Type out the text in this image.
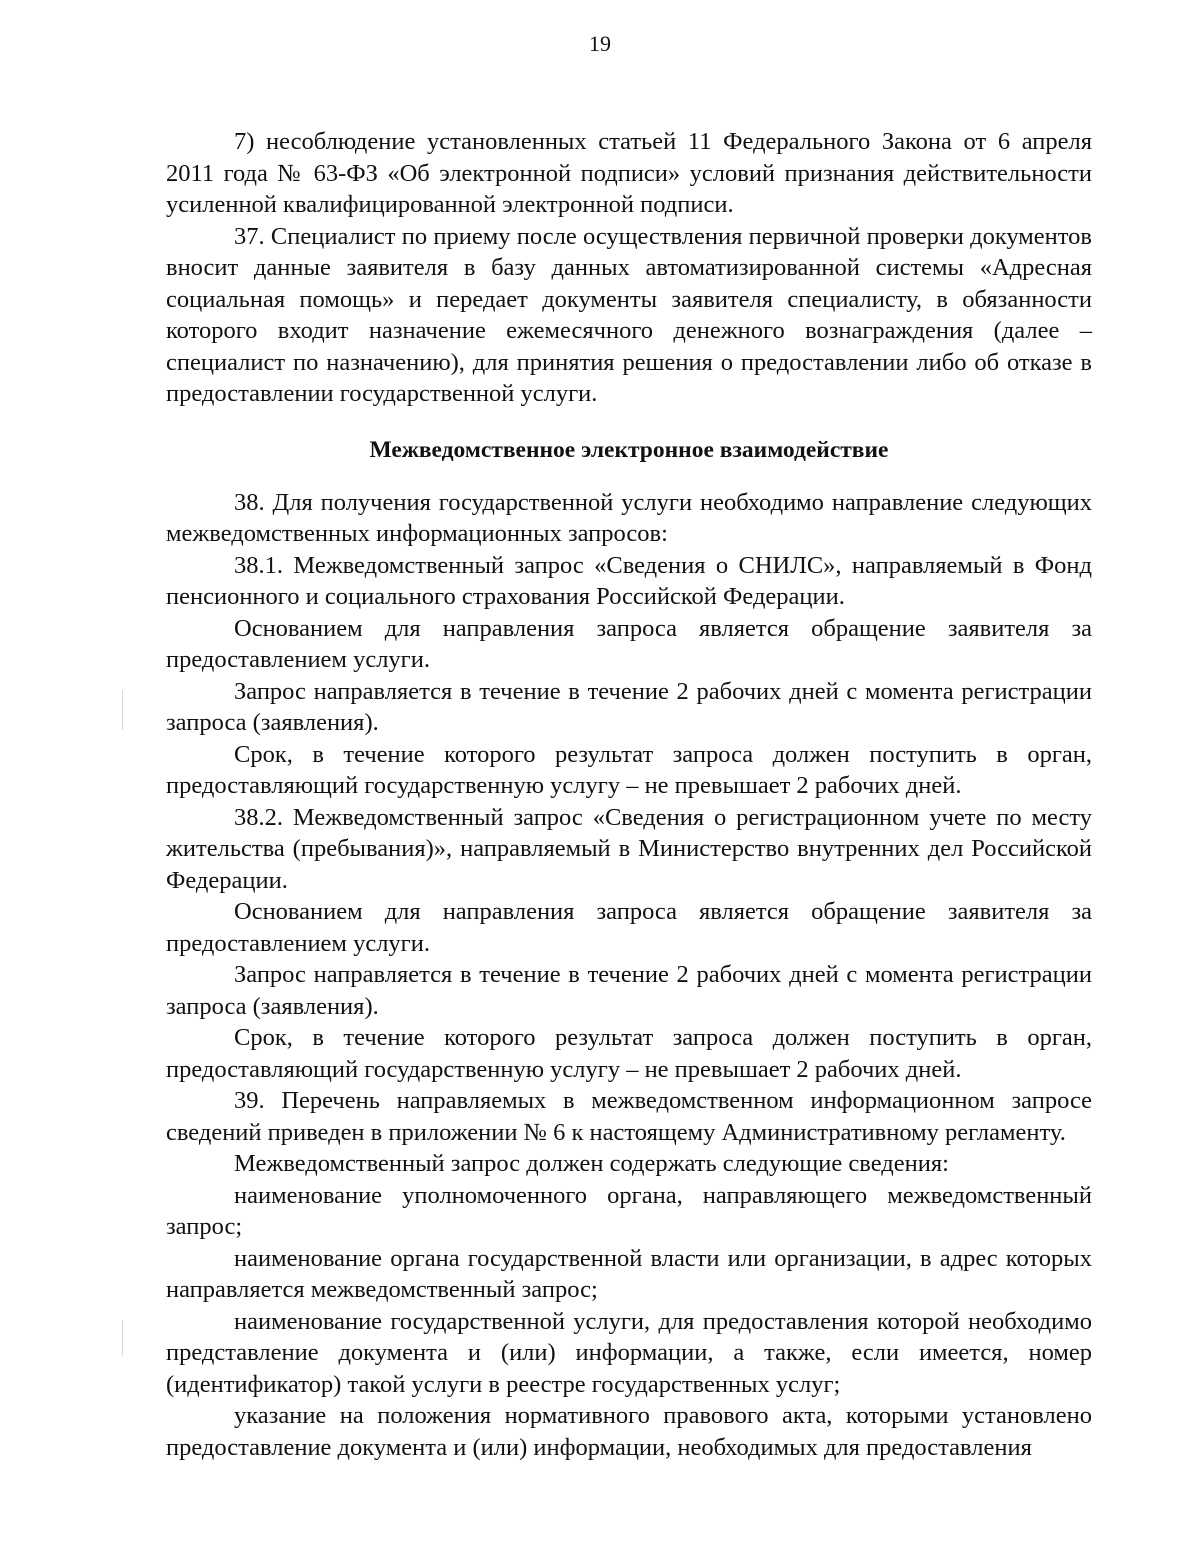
19

7) несоблюдение установленных статьей 11 Федерального Закона от 6 апреля 2011 года № 63-ФЗ «Об электронной подписи» условий признания действительности усиленной квалифицированной электронной подписи.

37. Специалист по приему после осуществления первичной проверки документов вносит данные заявителя в базу данных автоматизированной системы «Адресная социальная помощь» и передает документы заявителя специалисту, в обязанности которого входит назначение ежемесячного денежного вознаграждения (далее – специалист по назначению), для принятия решения о предоставлении либо об отказе в предоставлении государственной услуги.

Межведомственное электронное взаимодействие

38. Для получения государственной услуги необходимо направление следующих межведомственных информационных запросов:

38.1. Межведомственный запрос «Сведения о СНИЛС», направляемый в Фонд пенсионного и социального страхования Российской Федерации.

Основанием для направления запроса является обращение заявителя за предоставлением услуги.

Запрос направляется в течение в течение 2 рабочих дней с момента регистрации запроса (заявления).

Срок, в течение которого результат запроса должен поступить в орган, предоставляющий государственную услугу – не превышает 2 рабочих дней.

38.2. Межведомственный запрос «Сведения о регистрационном учете по месту жительства (пребывания)», направляемый в Министерство внутренних дел Российской Федерации.

Основанием для направления запроса является обращение заявителя за предоставлением услуги.

Запрос направляется в течение в течение 2 рабочих дней с момента регистрации запроса (заявления).

Срок, в течение которого результат запроса должен поступить в орган, предоставляющий государственную услугу – не превышает 2 рабочих дней.

39. Перечень направляемых в межведомственном информационном запросе сведений приведен в приложении № 6 к настоящему Административному регламенту.

Межведомственный запрос должен содержать следующие сведения:

наименование уполномоченного органа, направляющего межведомственный запрос;

наименование органа государственной власти или организации, в адрес которых направляется межведомственный запрос;

наименование государственной услуги, для предоставления которой необходимо представление документа и (или) информации, а также, если имеется, номер (идентификатор) такой услуги в реестре государственных услуг;

указание на положения нормативного правового акта, которыми установлено предоставление документа и (или) информации, необходимых для предоставления
